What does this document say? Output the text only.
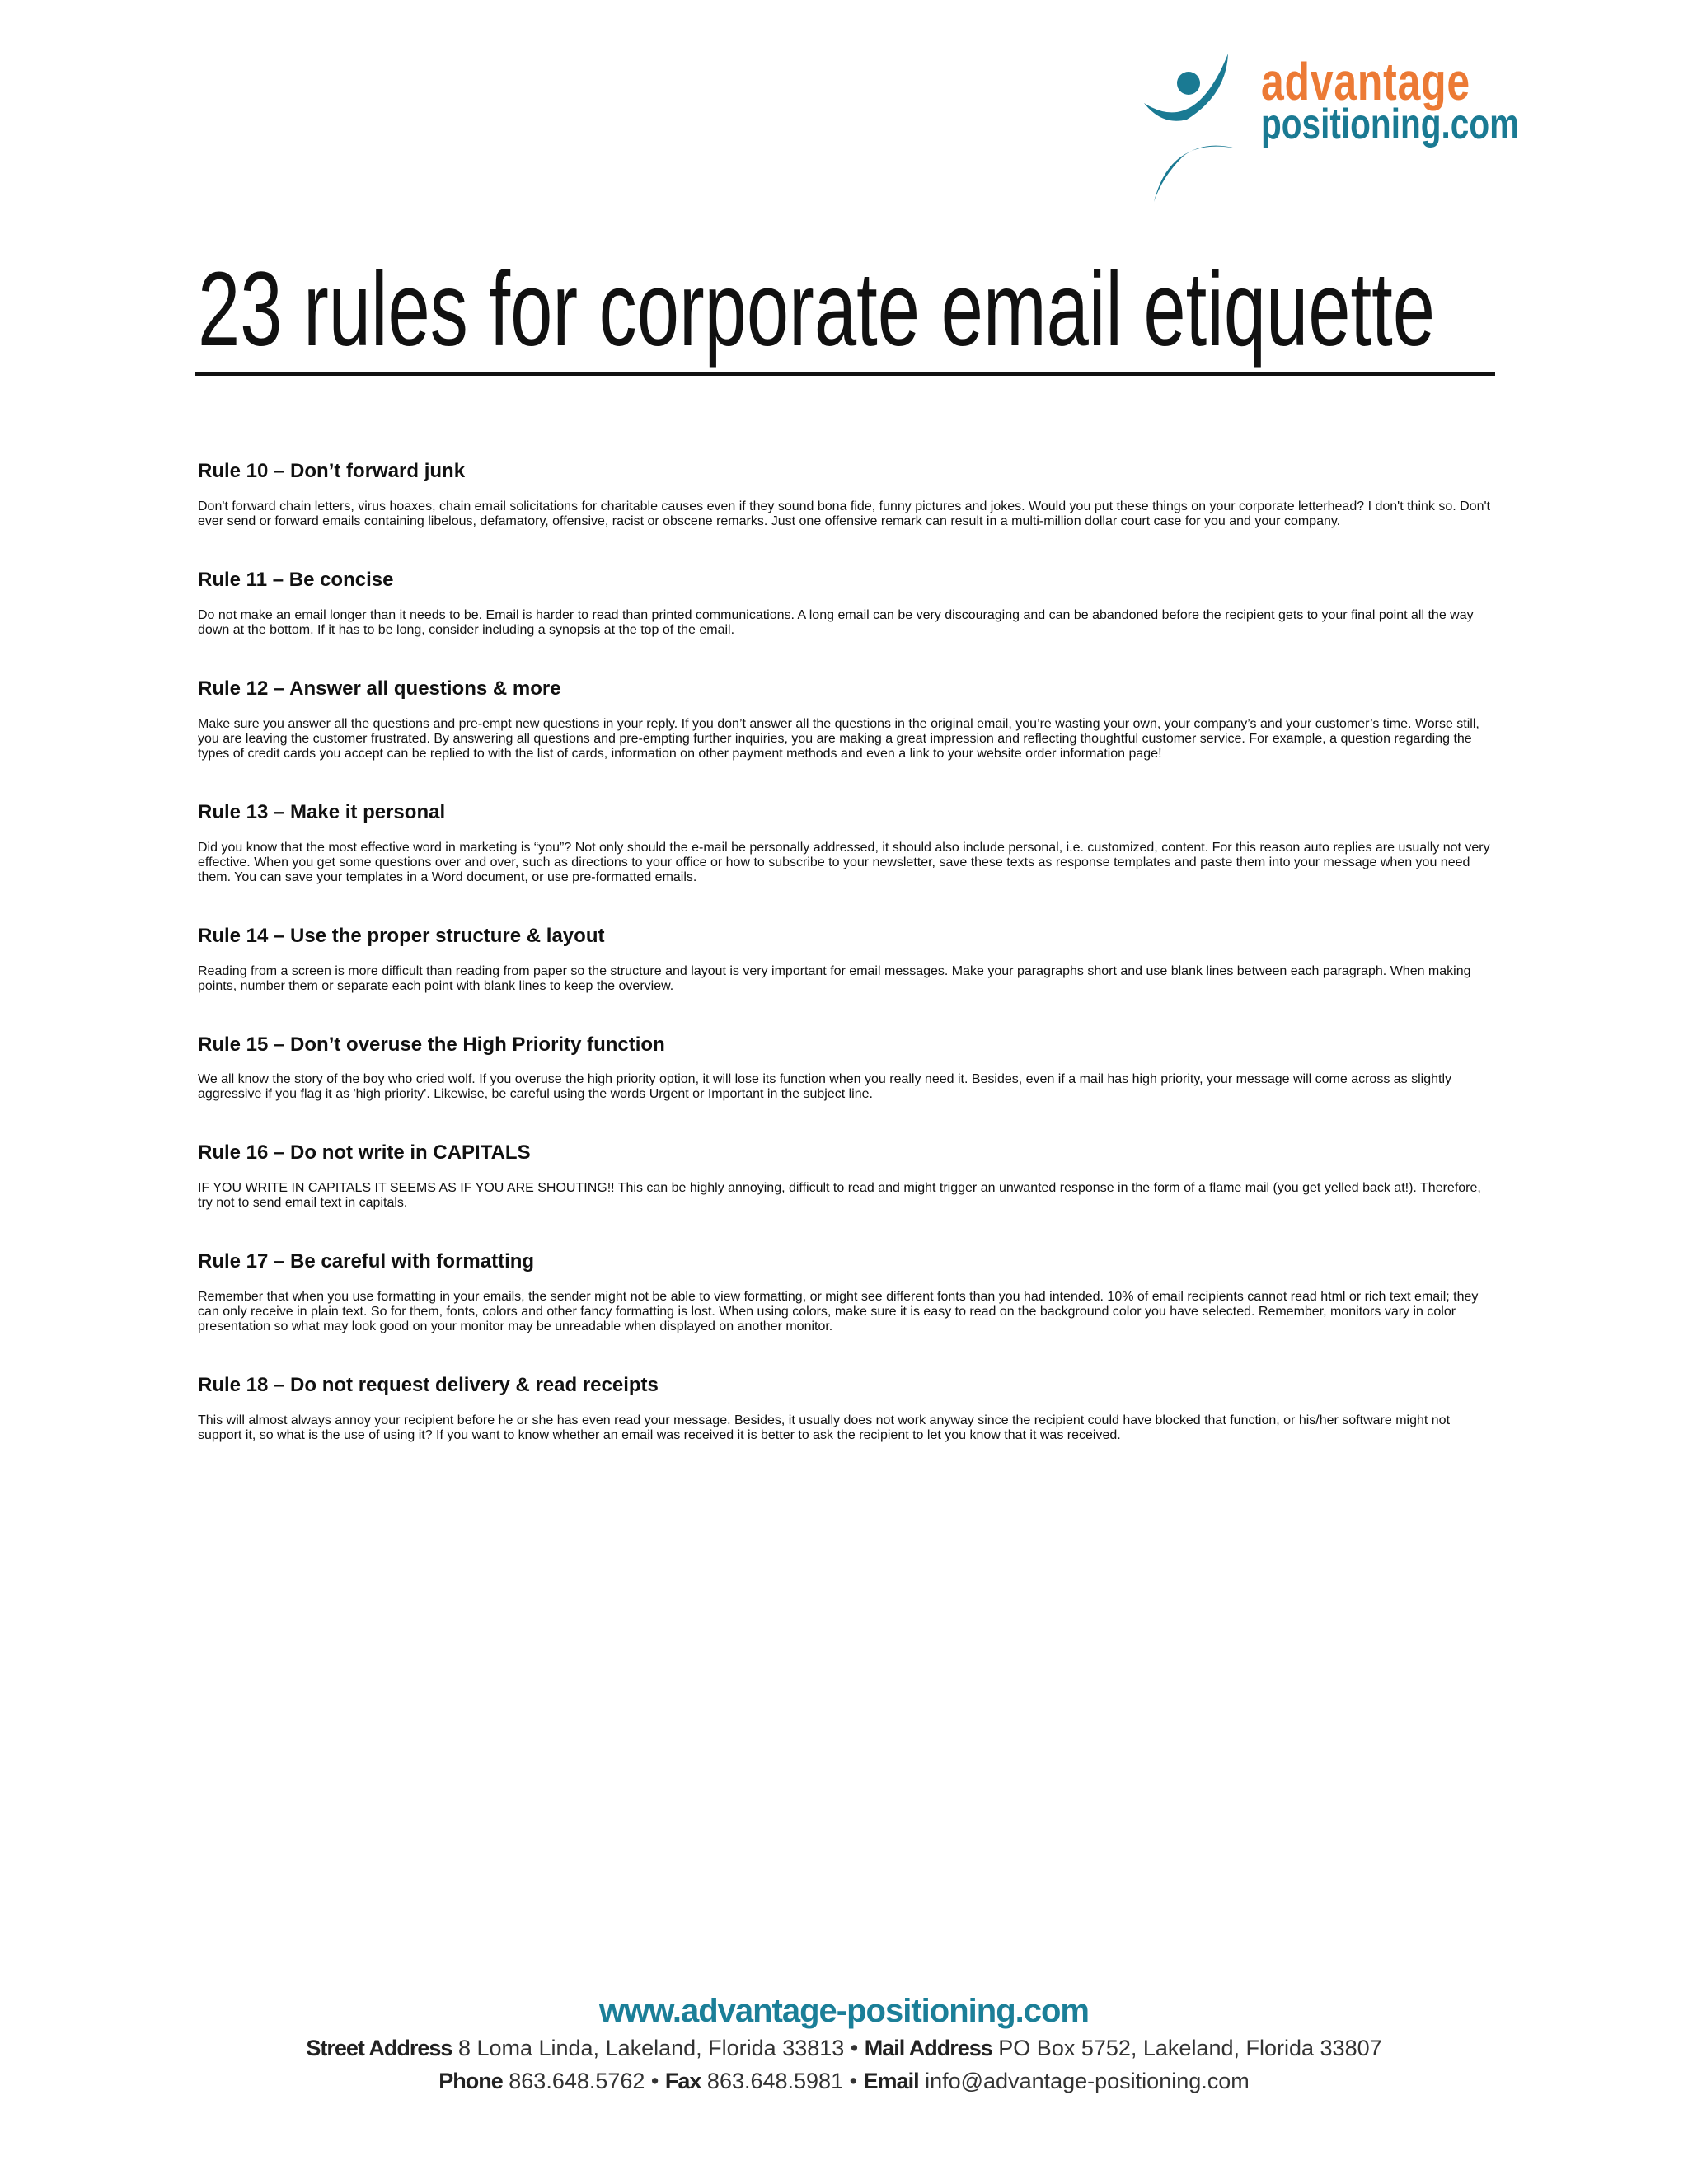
advantage
positioning.com
23 rules for corporate email etiquette

Rule 10 – Don’t forward junk
Don't forward chain letters, virus hoaxes, chain email solicitations for charitable causes even if they sound bona fide, funny pictures and jokes. Would you put these things on your corporate letterhead? I don't think so. Don't ever send or forward emails containing libelous, defamatory, offensive, racist or obscene remarks. Just one offensive remark can result in a multi-million dollar court case for you and your company.

Rule 11 – Be concise
Do not make an email longer than it needs to be. Email is harder to read than printed communications. A long email can be very discouraging and can be abandoned before the recipient gets to your final point all the way down at the bottom. If it has to be long, consider including a synopsis at the top of the email.

Rule 12 – Answer all questions & more
Make sure you answer all the questions and pre-empt new questions in your reply. If you don’t answer all the questions in the original email, you’re wasting your own, your company’s and your customer’s time. Worse still, you are leaving the customer frustrated. By answering all questions and pre-empting further inquiries, you are making a great impression and reflecting thoughtful customer service. For example, a question regarding the types of credit cards you accept can be replied to with the list of cards, information on other payment methods and even a link to your website order information page!

Rule 13 – Make it personal
Did you know that the most effective word in marketing is “you”? Not only should the e-mail be personally addressed, it should also include personal, i.e. customized, content. For this reason auto replies are usually not very effective. When you get some questions over and over, such as directions to your office or how to subscribe to your newsletter, save these texts as response templates and paste them into your message when you need them. You can save your templates in a Word document, or use pre-formatted emails.

Rule 14 – Use the proper structure & layout
Reading from a screen is more difficult than reading from paper so the structure and layout is very important for email messages. Make your paragraphs short and use blank lines between each paragraph. When making points, number them or separate each point with blank lines to keep the overview.

Rule 15 – Don’t overuse the High Priority function
We all know the story of the boy who cried wolf. If you overuse the high priority option, it will lose its function when you really need it. Besides, even if a mail has high priority, your message will come across as slightly aggressive if you flag it as 'high priority'. Likewise, be careful using the words Urgent or Important in the subject line.

Rule 16 – Do not write in CAPITALS
IF YOU WRITE IN CAPITALS IT SEEMS AS IF YOU ARE SHOUTING!! This can be highly annoying, difficult to read and might trigger an unwanted response in the form of a flame mail (you get yelled back at!). Therefore, try not to send email text in capitals.

Rule 17 – Be careful with formatting
Remember that when you use formatting in your emails, the sender might not be able to view formatting, or might see different fonts than you had intended. 10% of email recipients cannot read html or rich text email; they can only receive in plain text. So for them, fonts, colors and other fancy formatting is lost. When using colors, make sure it is easy to read on the background color you have selected. Remember, monitors vary in color presentation so what may look good on your monitor may be unreadable when displayed on another monitor.

Rule 18 – Do not request delivery & read receipts
This will almost always annoy your recipient before he or she has even read your message. Besides, it usually does not work anyway since the recipient could have blocked that function, or his/her software might not support it, so what is the use of using it? If you want to know whether an email was received it is better to ask the recipient to let you know that it was received.

www.advantage-positioning.com
Street Address 8 Loma Linda, Lakeland, Florida 33813 • Mail Address PO Box 5752, Lakeland, Florida 33807
Phone 863.648.5762 • Fax 863.648.5981 • Email info@advantage-positioning.com
